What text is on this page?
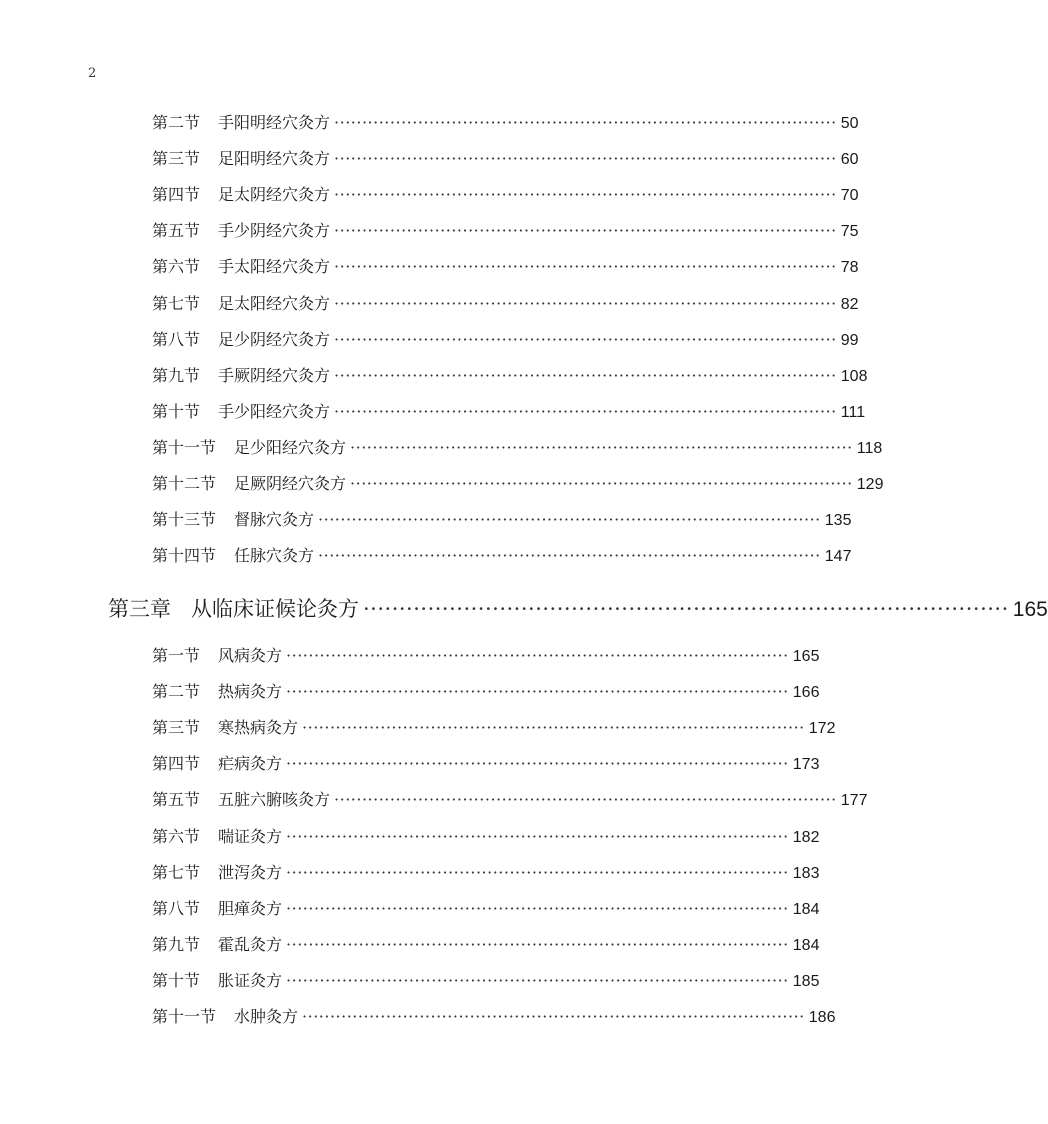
2
第二节 手阳明经穴灸方 ·························································································· 50
第三节 足阳明经穴灸方 ·························································································· 60
第四节 足太阴经穴灸方 ·························································································· 70
第五节 手少阴经穴灸方 ·························································································· 75
第六节 手太阳经穴灸方 ·························································································· 78
第七节 足太阳经穴灸方 ·························································································· 82
第八节 足少阴经穴灸方 ·························································································· 99
第九节 手厥阴经穴灸方 ·························································································· 108
第十节 手少阳经穴灸方 ·························································································· 111
第十一节 足少阳经穴灸方 ·························································································· 118
第十二节 足厥阴经穴灸方 ·························································································· 129
第十三节 督脉穴灸方 ·························································································· 135
第十四节 任脉穴灸方 ·························································································· 147
第三章 从临床证候论灸方 ·························································································· 165
第一节 风病灸方 ·························································································· 165
第二节 热病灸方 ·························································································· 166
第三节 寒热病灸方 ·························································································· 172
第四节 疟病灸方 ·························································································· 173
第五节 五脏六腑咳灸方 ·························································································· 177
第六节 喘证灸方 ·························································································· 182
第七节 泄泻灸方 ·························································································· 183
第八节 胆瘅灸方 ·························································································· 184
第九节 霍乱灸方 ·························································································· 184
第十节 胀证灸方 ·························································································· 185
第十一节 水肿灸方 ·························································································· 186
